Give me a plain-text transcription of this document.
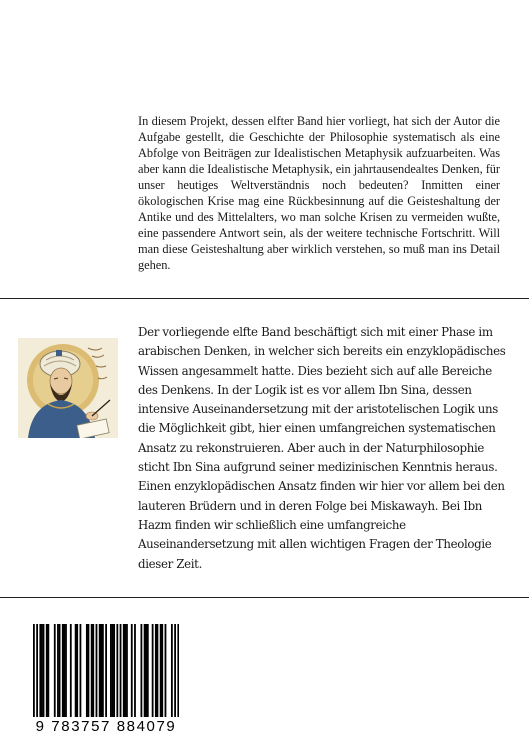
In diesem Projekt, dessen elfter Band hier vorliegt, hat sich der Autor die Aufgabe gestellt, die Geschichte der Philosophie systematisch als eine Abfolge von Beiträgen zur Idealistischen Metaphysik aufzuarbeiten. Was aber kann die Idealistische Metaphysik, ein jahrtausendealtes Denken, für unser heutiges Weltverständnis noch bedeuten? Inmitten einer ökologischen Krise mag eine Rückbesinnung auf die Geisteshaltung der Antike und des Mittelalters, wo man solche Krisen zu vermeiden wußte, eine passendere Antwort sein, als der weitere technische Fortschritt. Will man diese Geisteshaltung aber wirklich verstehen, so muß man ins Detail gehen.
Der vorliegende elfte Band beschäftigt sich mit einer Phase im arabischen Denken, in welcher sich bereits ein enzyklopädisches Wissen angesammelt hatte. Dies bezieht sich auf alle Bereiche des Denkens. In der Logik ist es vor allem Ibn Sina, dessen intensive Auseinandersetzung mit der aristotelischen Logik uns die Möglichkeit gibt, hier einen umfangreichen systematischen Ansatz zu rekonstruieren. Aber auch in der Naturphilosophie sticht Ibn Sina aufgrund seiner medizinischen Kenntnis heraus. Einen enzyklopädischen Ansatz finden wir hier vor allem bei den lauteren Brüdern und in deren Folge bei Miskawayh. Bei Ibn Hazm finden wir schließlich eine umfangreiche Auseinandersetzung mit allen wichtigen Fragen der Theologie dieser Zeit.
9 783757 884079
